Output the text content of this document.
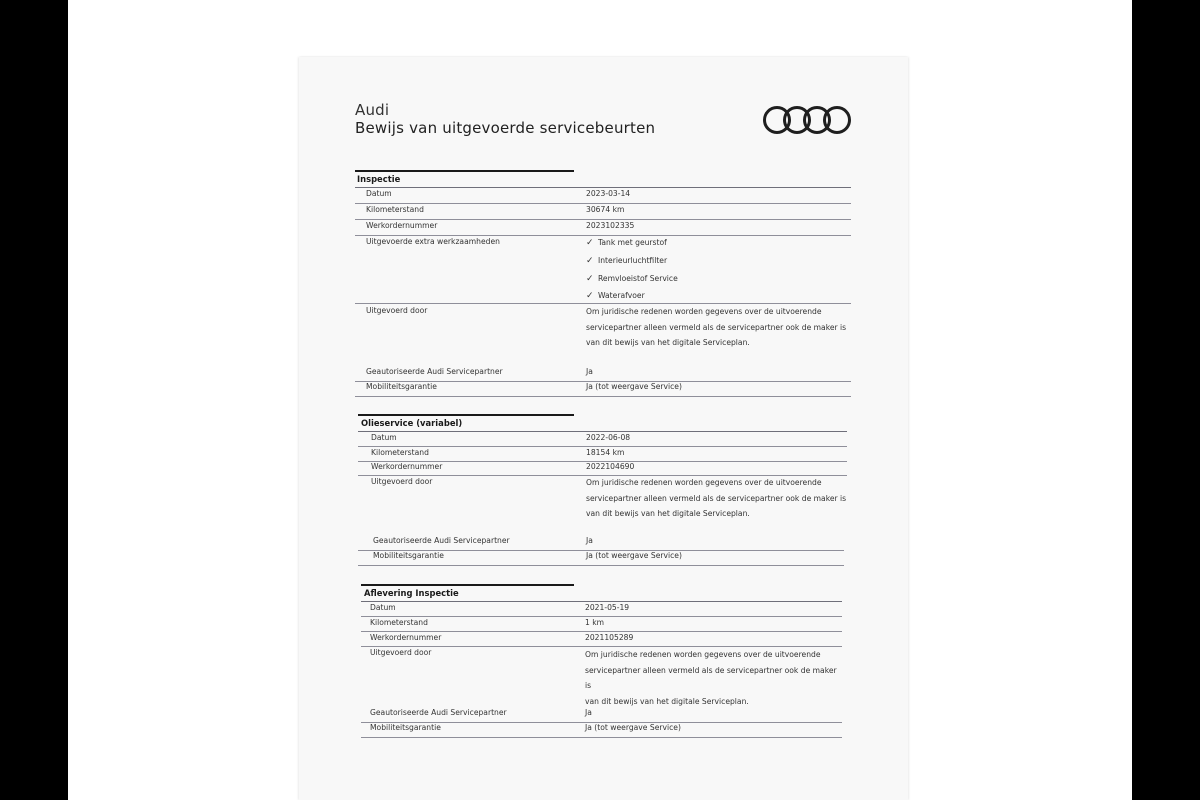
Audi
Bewijs van uitgevoerde servicebeurten
Inspectie
Datum	2023-03-14
Kilometerstand	30674 km
Werkordernummer	2023102335
Uitgevoerde extra werkzaamheden	✓ Tank met geurstof
✓ Interieurluchtfilter
✓ Remvloeistof Service
✓ Waterafvoer
Uitgevoerd door	Om juridische redenen worden gegevens over de uitvoerende
servicepartner alleen vermeld als de servicepartner ook de maker is
van dit bewijs van het digitale Serviceplan.
Geautoriseerde Audi Servicepartner	Ja
Mobiliteitsgarantie	Ja (tot weergave Service)
Olieservice (variabel)
Datum	2022-06-08
Kilometerstand	18154 km
Werkordernummer	2022104690
Uitgevoerd door	Om juridische redenen worden gegevens over de uitvoerende
servicepartner alleen vermeld als de servicepartner ook de maker is
van dit bewijs van het digitale Serviceplan.
Geautoriseerde Audi Servicepartner	Ja
Mobiliteitsgarantie	Ja (tot weergave Service)
Aflevering Inspectie
Datum	2021-05-19
Kilometerstand	1 km
Werkordernummer	2021105289
Uitgevoerd door	Om juridische redenen worden gegevens over de uitvoerende
servicepartner alleen vermeld als de servicepartner ook de maker is
van dit bewijs van het digitale Serviceplan.
Geautoriseerde Audi Servicepartner	Ja
Mobiliteitsgarantie	Ja (tot weergave Service)
